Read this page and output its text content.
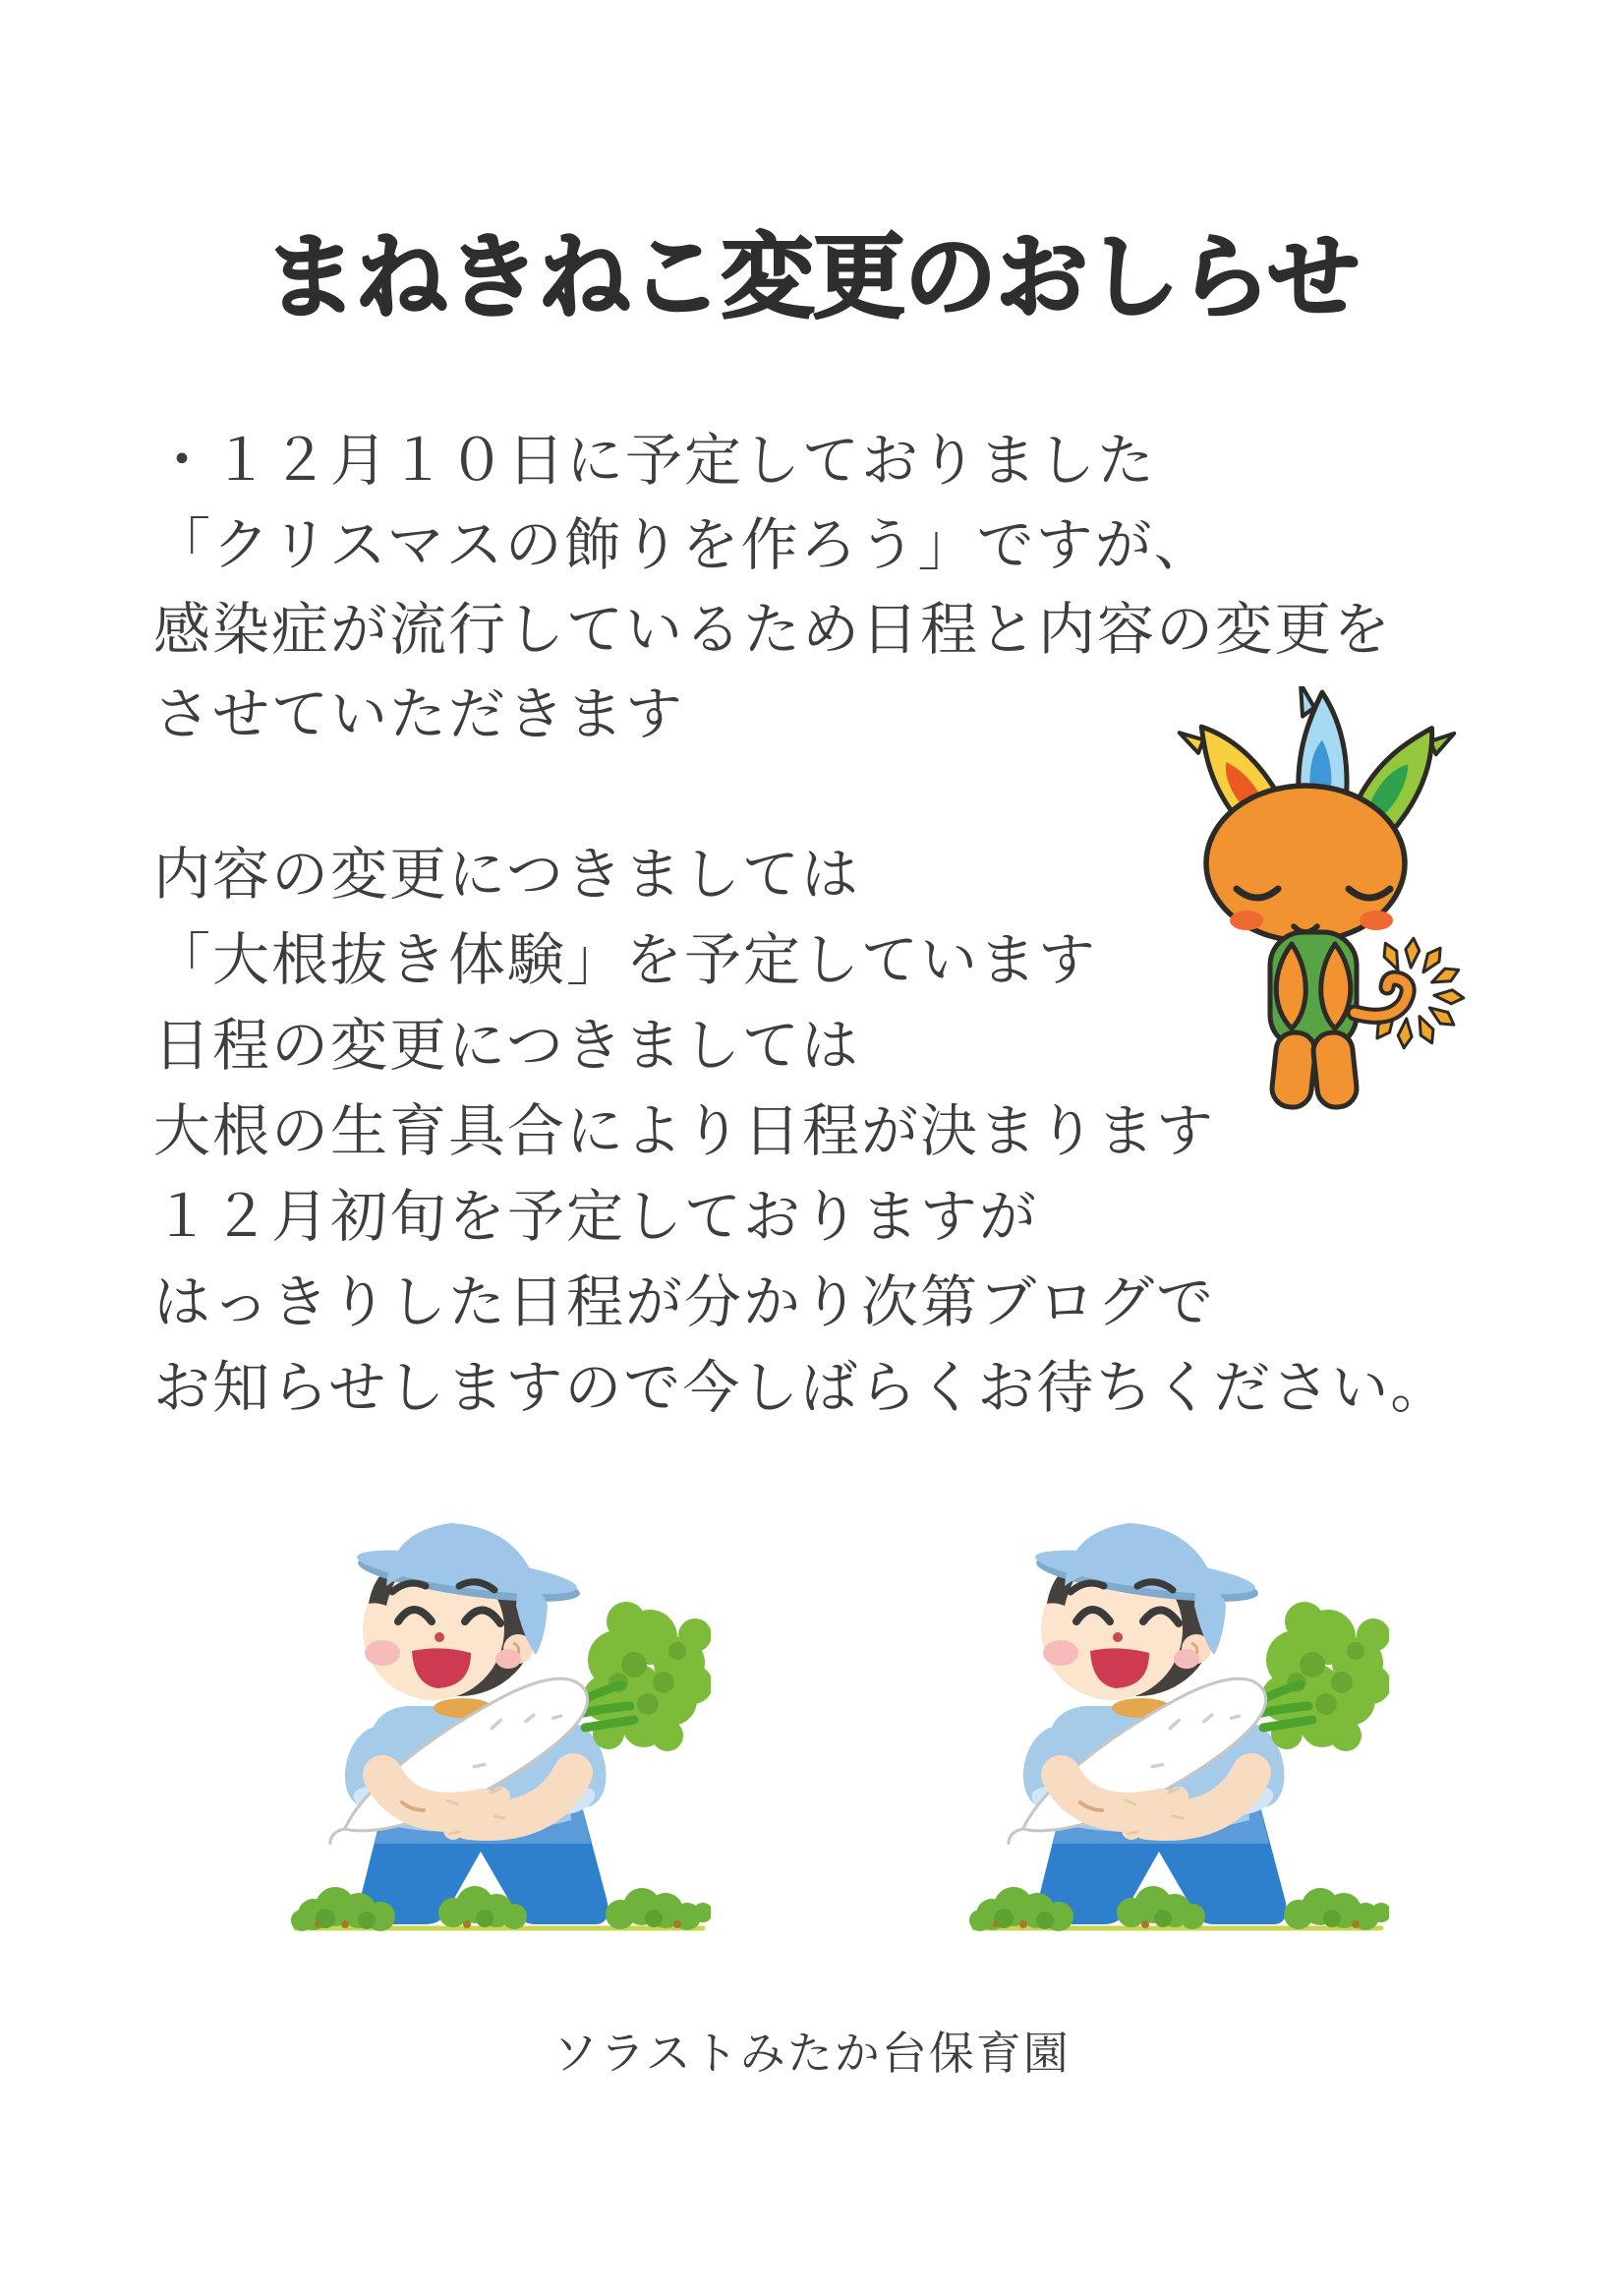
まねきねこ変更のおしらせ
・１２月１０日に予定しておりました
「クリスマスの飾りを作ろう」ですが、
感染症が流行しているため日程と内容の変更を
させていただきます
内容の変更につきましては
「大根抜き体験」を予定しています
日程の変更につきましては
大根の生育具合により日程が決まります
１２月初旬を予定しておりますが
はっきりした日程が分かり次第ブログで
お知らせしますので今しばらくお待ちください。
ソラストみたか台保育園
